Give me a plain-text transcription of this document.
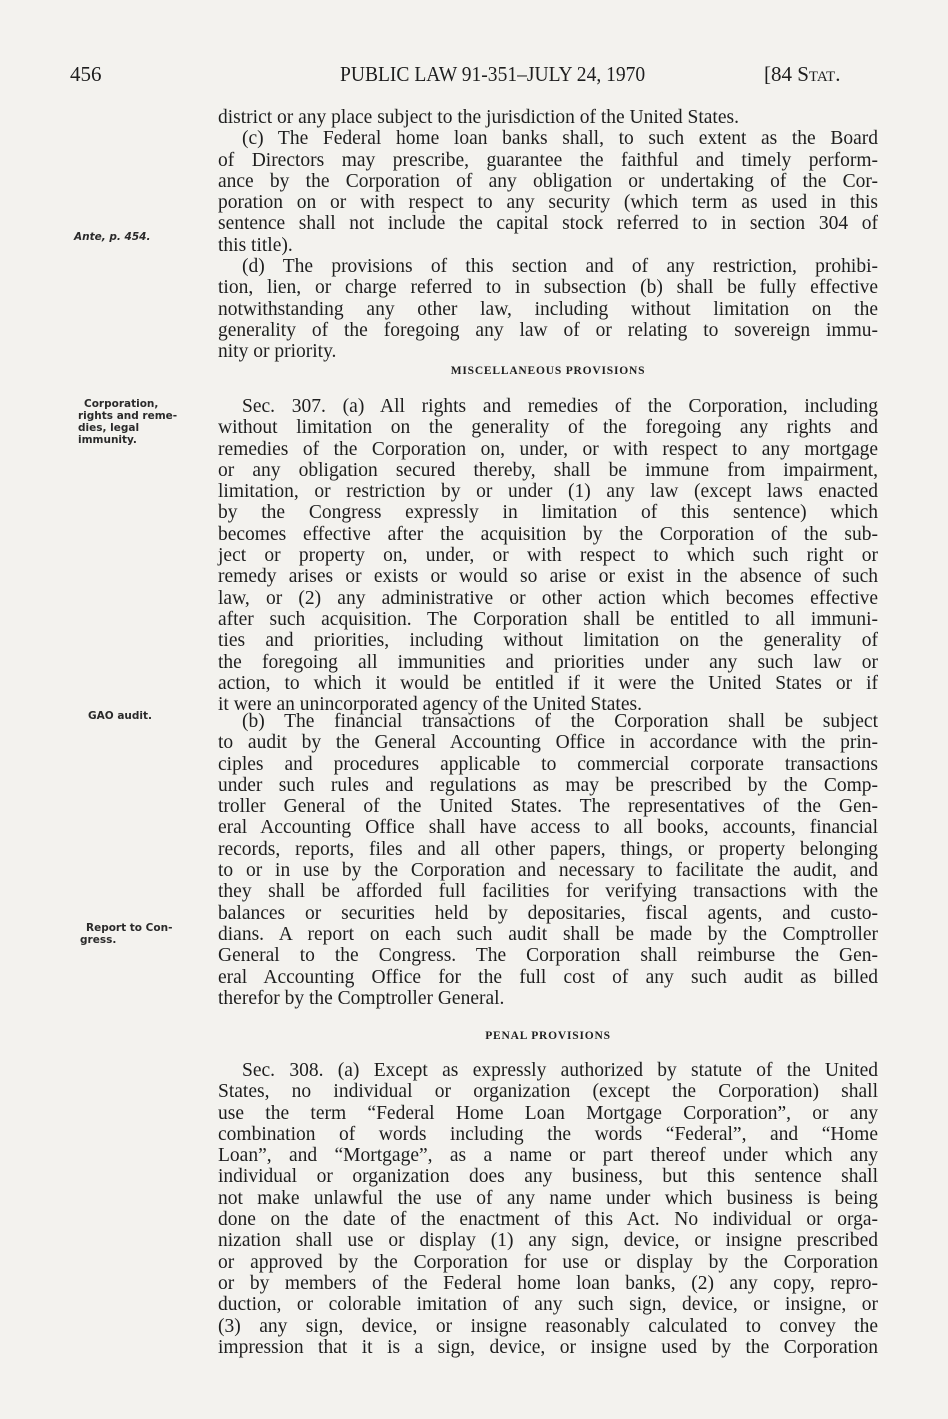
456	PUBLIC LAW 91-351–JULY 24, 1970	[84 Stat.
Ante, p. 454.
Corporation,
rights and reme-
dies, legal
immunity.
GAO audit.
Report to Con-
gress.
MISCELLANEOUS PROVISIONS
PENAL PROVISIONS
district or any place subject to the jurisdiction of the United States.
(c) The Federal home loan banks shall, to such extent as the Board
of Directors may prescribe, guarantee the faithful and timely perform-
ance by the Corporation of any obligation or undertaking of the Cor-
poration on or with respect to any security (which term as used in this
sentence shall not include the capital stock referred to in section 304 of
this title).
(d) The provisions of this section and of any restriction, prohibi-
tion, lien, or charge referred to in subsection (b) shall be fully effective
notwithstanding any other law, including without limitation on the
generality of the foregoing any law of or relating to sovereign immu-
nity or priority.
Sec. 307. (a) All rights and remedies of the Corporation, including
without limitation on the generality of the foregoing any rights and
remedies of the Corporation on, under, or with respect to any mortgage
or any obligation secured thereby, shall be immune from impairment,
limitation, or restriction by or under (1) any law (except laws enacted
by the Congress expressly in limitation of this sentence) which
becomes effective after the acquisition by the Corporation of the sub-
ject or property on, under, or with respect to which such right or
remedy arises or exists or would so arise or exist in the absence of such
law, or (2) any administrative or other action which becomes effective
after such acquisition. The Corporation shall be entitled to all immuni-
ties and priorities, including without limitation on the generality of
the foregoing all immunities and priorities under any such law or
action, to which it would be entitled if it were the United States or if
it were an unincorporated agency of the United States.
(b) The financial transactions of the Corporation shall be subject
to audit by the General Accounting Office in accordance with the prin-
ciples and procedures applicable to commercial corporate transactions
under such rules and regulations as may be prescribed by the Comp-
troller General of the United States. The representatives of the Gen-
eral Accounting Office shall have access to all books, accounts, financial
records, reports, files and all other papers, things, or property belonging
to or in use by the Corporation and necessary to facilitate the audit, and
they shall be afforded full facilities for verifying transactions with the
balances or securities held by depositaries, fiscal agents, and custo-
dians. A report on each such audit shall be made by the Comptroller
General to the Congress. The Corporation shall reimburse the Gen-
eral Accounting Office for the full cost of any such audit as billed
therefor by the Comptroller General.
Sec. 308. (a) Except as expressly authorized by statute of the United
States, no individual or organization (except the Corporation) shall
use the term “Federal Home Loan Mortgage Corporation”, or any
combination of words including the words “Federal”, and “Home
Loan”, and “Mortgage”, as a name or part thereof under which any
individual or organization does any business, but this sentence shall
not make unlawful the use of any name under which business is being
done on the date of the enactment of this Act. No individual or orga-
nization shall use or display (1) any sign, device, or insigne prescribed
or approved by the Corporation for use or display by the Corporation
or by members of the Federal home loan banks, (2) any copy, repro-
duction, or colorable imitation of any such sign, device, or insigne, or
(3) any sign, device, or insigne reasonably calculated to convey the
impression that it is a sign, device, or insigne used by the Corporation
